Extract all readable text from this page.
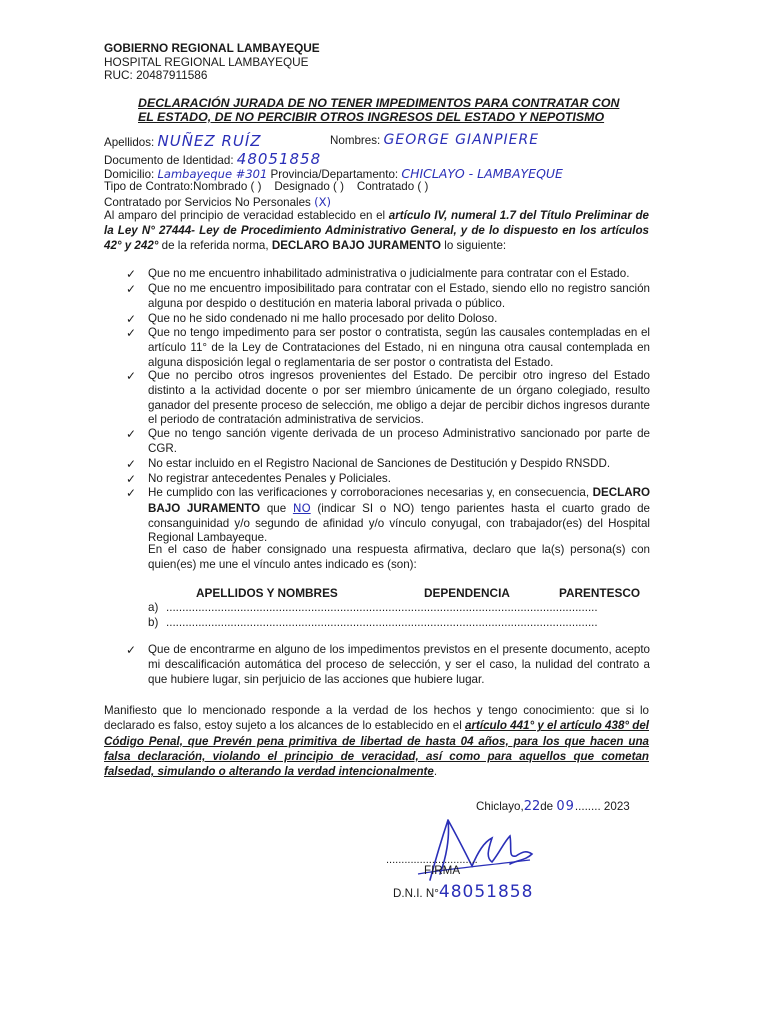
GOBIERNO REGIONAL LAMBAYEQUE
HOSPITAL REGIONAL LAMBAYEQUE
RUC: 20487911586
DECLARACIÓN JURADA DE NO TENER IMPEDIMENTOS PARA CONTRATAR CON
EL ESTADO, DE NO PERCIBIR OTROS INGRESOS DEL ESTADO Y NEPOTISMO
Apellidos: NUÑEZ RUÍZ	Nombres: GEORGE GIANPIERE
Documento de Identidad: 48051858
Domicilio: Lambayeque #301 Provincia/Departamento: CHICLAYO - LAMBAYEQUE
Tipo de Contrato:Nombrado ( ) Designado ( ) Contratado ( )
Contratado por Servicios No Personales (X)
Al amparo del principio de veracidad establecido en el artículo IV, numeral 1.7 del Título Preliminar de la Ley N° 27444- Ley de Procedimiento Administrativo General, y de lo dispuesto en los artículos 42° y 242° de la referida norma, DECLARO BAJO JURAMENTO lo siguiente:
✓ Que no me encuentro inhabilitado administrativa o judicialmente para contratar con el Estado.
✓ Que no me encuentro imposibilitado para contratar con el Estado, siendo ello no registro sanción alguna por despido o destitución en materia laboral privada o público.
✓ Que no he sido condenado ni me hallo procesado por delito Doloso.
✓ Que no tengo impedimento para ser postor o contratista, según las causales contempladas en el artículo 11° de la Ley de Contrataciones del Estado, ni en ninguna otra causal contemplada en alguna disposición legal o reglamentaria de ser postor o contratista del Estado.
✓ Que no percibo otros ingresos provenientes del Estado. De percibir otro ingreso del Estado distinto a la actividad docente o por ser miembro únicamente de un órgano colegiado, resulto ganador del presente proceso de selección, me obligo a dejar de percibir dichos ingresos durante el periodo de contratación administrativa de servicios.
✓ Que no tengo sanción vigente derivada de un proceso Administrativo sancionado por parte de CGR.
✓ No estar incluido en el Registro Nacional de Sanciones de Destitución y Despido RNSDD.
✓ No registrar antecedentes Penales y Policiales.
✓ He cumplido con las verificaciones y corroboraciones necesarias y, en consecuencia, DECLARO BAJO JURAMENTO que NO (indicar SI o NO) tengo parientes hasta el cuarto grado de consanguinidad y/o segundo de afinidad y/o vínculo conyugal, con trabajador(es) del Hospital Regional Lambayeque.
En el caso de haber consignado una respuesta afirmativa, declaro que la(s) persona(s) con quien(es) me une el vínculo antes indicado es (son):
APELLIDOS Y NOMBRES	DEPENDENCIA	PARENTESCO
a) ......................................................................................................................................
b) ......................................................................................................................................
✓ Que de encontrarme en alguno de los impedimentos previstos en el presente documento, acepto mi descalificación automática del proceso de selección, y ser el caso, la nulidad del contrato a que hubiere lugar, sin perjuicio de las acciones que hubiere lugar.
Manifiesto que lo mencionado responde a la verdad de los hechos y tengo conocimiento: que si lo declarado es falso, estoy sujeto a los alcances de lo establecido en el artículo 441° y el artículo 438° del Código Penal, que Prevén pena primitiva de libertad de hasta 04 años, para los que hacen una falsa declaración, violando el principio de veracidad, así como para aquellos que cometan falsedad, simulando o alterando la verdad intencionalmente.
Chiclayo,22de 09........ 2023
..............................
FIRMA
D.N.I. N°48051858
